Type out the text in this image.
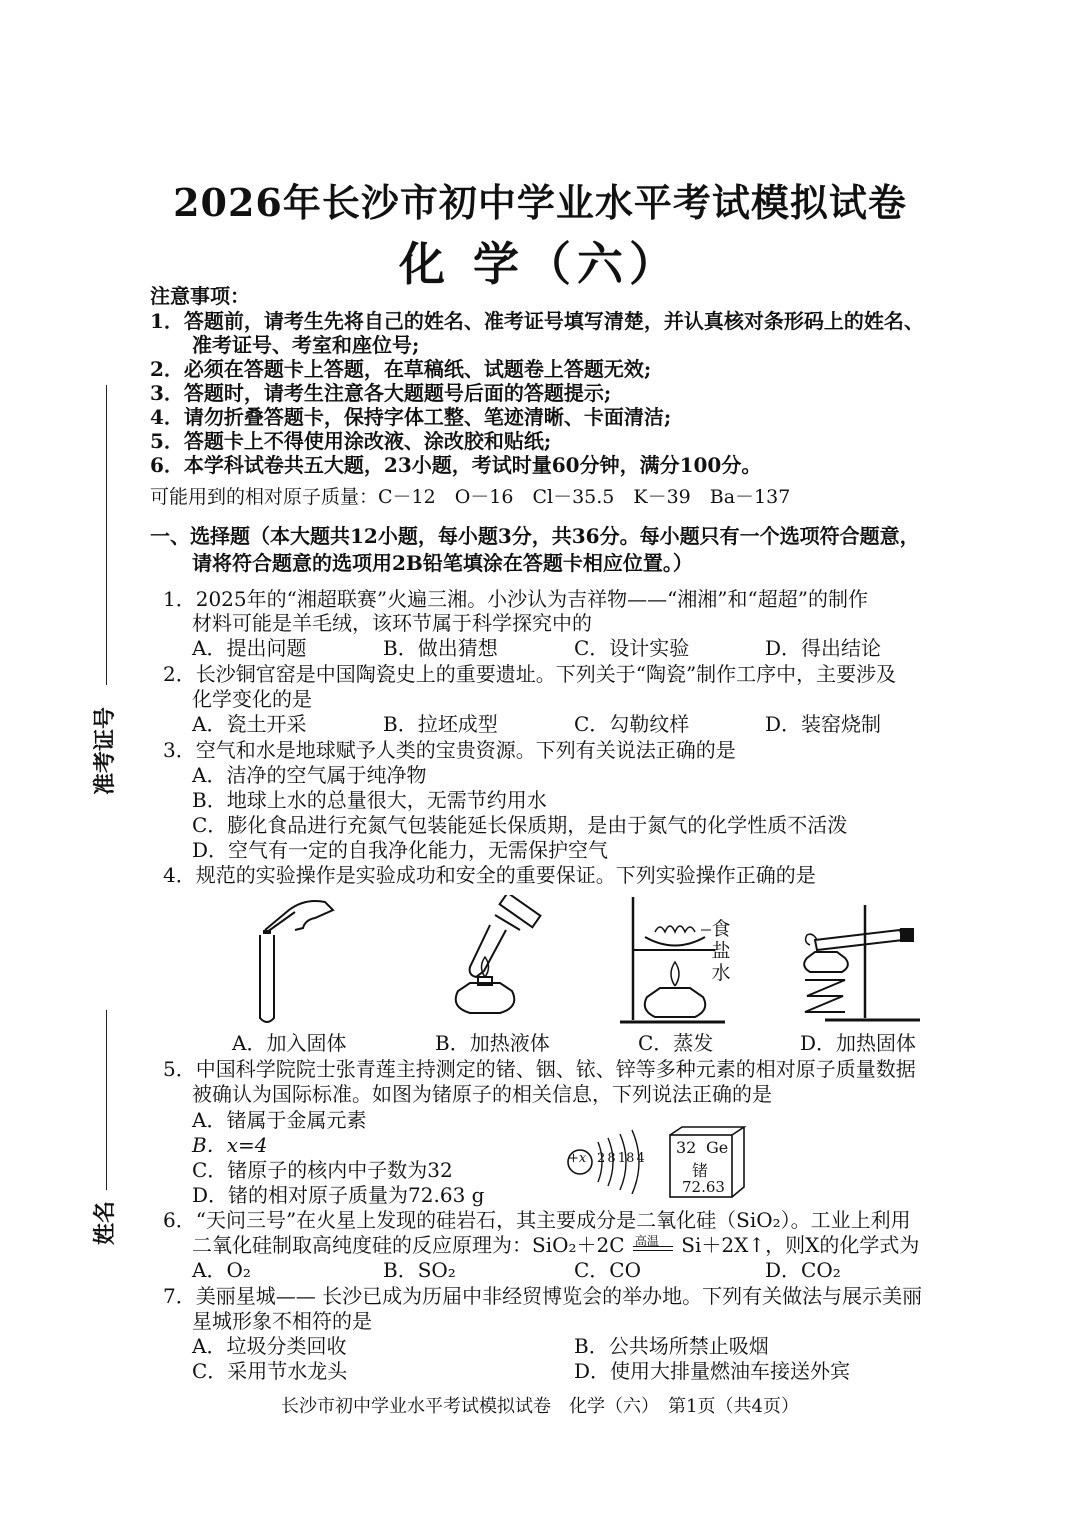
2026年长沙市初中学业水平考试模拟试卷
化 学（六）
准考证号
姓名
注意事项：
1．答题前，请考生先将自己的姓名、准考证号填写清楚，并认真核对条形码上的姓名、
准考证号、考室和座位号;
2．必须在答题卡上答题，在草稿纸、试题卷上答题无效;
3．答题时，请考生注意各大题题号后面的答题提示;
4．请勿折叠答题卡，保持字体工整、笔迹清晰、卡面清洁;
5．答题卡上不得使用涂改液、涂改胶和贴纸;
6．本学科试卷共五大题，23小题，考试时量60分钟，满分100分。
可能用到的相对原子质量：C－12　O－16　Cl－35.5　K－39　Ba－137
一、选择题（本大题共12小题，每小题3分，共36分。每小题只有一个选项符合题意，
请将符合题意的选项用2B铅笔填涂在答题卡相应位置。）
1．2025年的“湘超联赛”火遍三湘。小沙认为吉祥物——“湘湘”和“超超”的制作
材料可能是羊毛绒，该环节属于科学探究中的
A．提出问题	B．做出猜想	C．设计实验	D．得出结论
2．长沙铜官窑是中国陶瓷史上的重要遗址。下列关于“陶瓷”制作工序中，主要涉及
化学变化的是
A．瓷土开采	B．拉坯成型	C．勾勒纹样	D．装窑烧制
3．空气和水是地球赋予人类的宝贵资源。下列有关说法正确的是
A．洁净的空气属于纯净物
B．地球上水的总量很大，无需节约用水
C．膨化食品进行充氮气包装能延长保质期，是由于氮气的化学性质不活泼
D．空气有一定的自我净化能力，无需保护空气
4．规范的实验操作是实验成功和安全的重要保证。下列实验操作正确的是
食盐水
A．加入固体	B．加热液体	C．蒸发	D．加热固体
5．中国科学院院士张青莲主持测定的锗、铟、铱、锌等多种元素的相对原子质量数据
被确认为国际标准。如图为锗原子的相关信息，下列说法正确的是
A．锗属于金属元素
B．x=4
C．锗原子的核内中子数为32
D．锗的相对原子质量为72.63 g
+x 2 8 18 4
32 Ge
锗
72.63
6．“天问三号”在火星上发现的硅岩石，其主要成分是二氧化硅（SiO₂）。工业上利用
二氧化硅制取高纯度硅的反应原理为：SiO₂＋2C 高温 Si＋2X↑，则X的化学式为
A．O₂	B．SO₂	C．CO	D．CO₂
7．美丽星城—— 长沙已成为历届中非经贸博览会的举办地。下列有关做法与展示美丽
星城形象不相符的是
A．垃圾分类回收	B．公共场所禁止吸烟
C．采用节水龙头	D．使用大排量燃油车接送外宾
长沙市初中学业水平考试模拟试卷　化学（六）　第1页（共4页）
